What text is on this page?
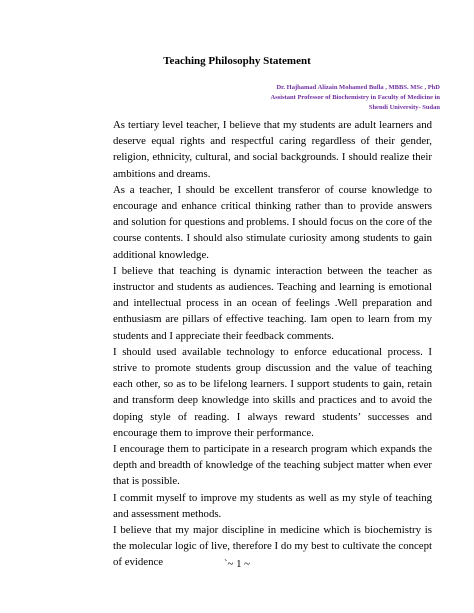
Teaching Philosophy Statement
Dr. Hajhamad Alizain Mohamed Bulla , MBBS. MSc , PhD
Assistant Professor of Biochemistry in Faculty of Medicine in
Shendi University- Sudan

As tertiary level teacher, I believe that my students are adult learners and deserve equal rights and respectful caring regardless of their gender, religion, ethnicity, cultural, and social backgrounds. I should realize their ambitions and dreams.

As a teacher, I should be excellent transferor of course knowledge to encourage and enhance critical thinking rather than to provide answers and solution for questions and problems. I should focus on the core of the course contents. I should also stimulate curiosity among students to gain additional knowledge.

I believe that teaching is dynamic interaction between the teacher as instructor and students as audiences. Teaching and learning is emotional and intellectual process in an ocean of feelings .Well preparation and enthusiasm are pillars of effective teaching. Iam open to learn from my students and I appreciate their feedback comments.

I should used available technology to enforce educational process. I strive to promote students group discussion and the value of teaching each other, so as to be lifelong learners. I support students to gain, retain and transform deep knowledge into skills and practices and to avoid the doping style of reading. I always reward students’ successes and encourage them to improve their performance.

I encourage them to participate in a research program which expands the depth and breadth of knowledge of the teaching subject matter when ever that is possible.

I commit myself to improve my students as well as my style of teaching and assessment methods.

I believe that my major discipline in medicine which is biochemistry is the molecular logic of live, therefore I do my best to cultivate the concept of evidence	`~ 1 ~
